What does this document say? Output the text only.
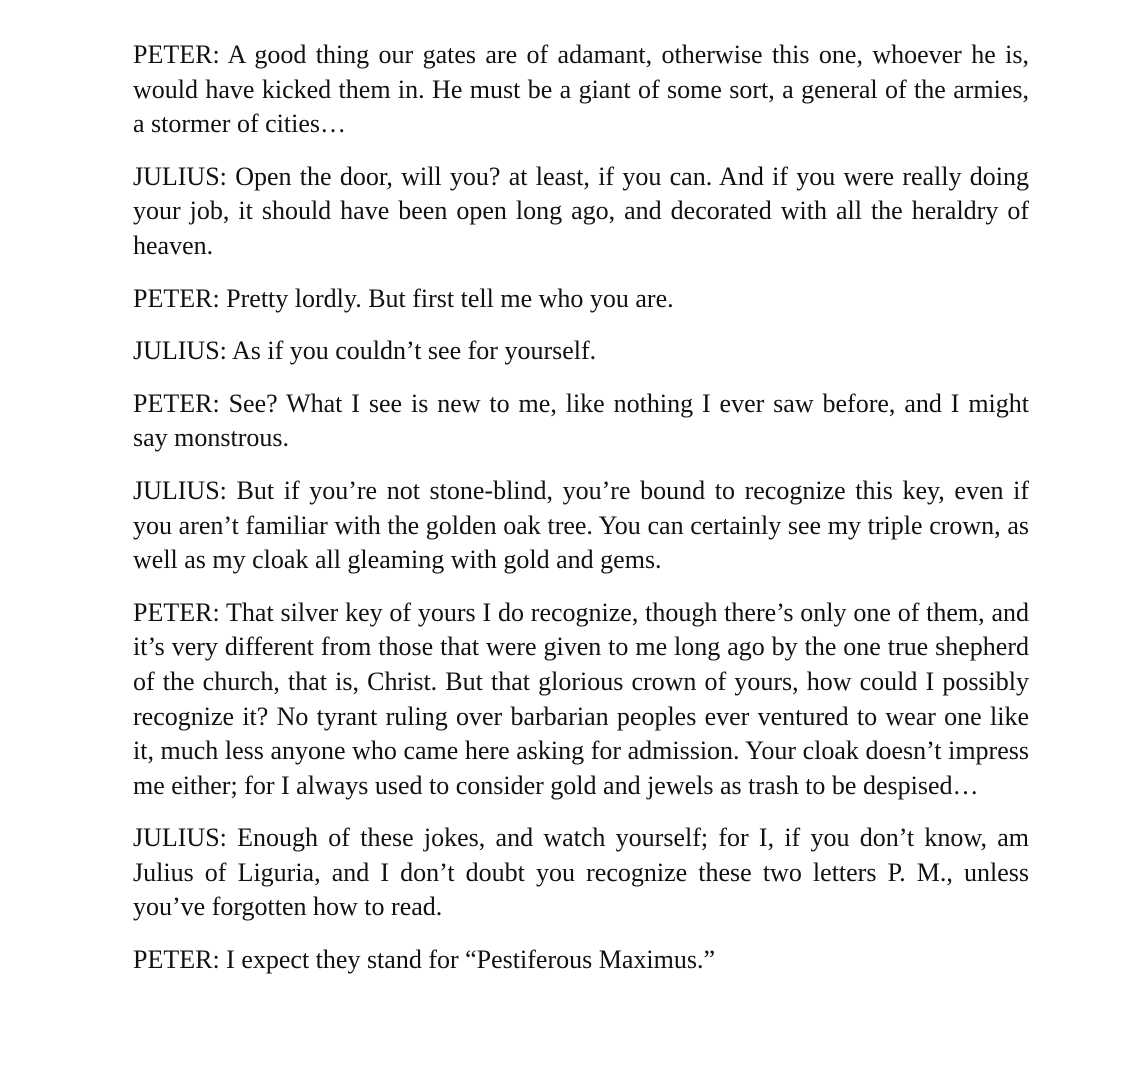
PETER: A good thing our gates are of adamant, otherwise this one, whoever he is, would have kicked them in. He must be a giant of some sort, a general of the armies, a stormer of cities…

JULIUS: Open the door, will you? at least, if you can. And if you were really doing your job, it should have been open long ago, and decorated with all the heraldry of heaven.

PETER: Pretty lordly. But first tell me who you are.

JULIUS: As if you couldn’t see for yourself.

PETER: See? What I see is new to me, like nothing I ever saw before, and I might say monstrous.

JULIUS: But if you’re not stone-blind, you’re bound to recognize this key, even if you aren’t familiar with the golden oak tree. You can certainly see my triple crown, as well as my cloak all gleaming with gold and gems.

PETER: That silver key of yours I do recognize, though there’s only one of them, and it’s very different from those that were given to me long ago by the one true shepherd of the church, that is, Christ. But that glorious crown of yours, how could I possibly recognize it? No tyrant ruling over barbarian peoples ever ventured to wear one like it, much less anyone who came here asking for admission. Your cloak doesn’t impress me either; for I always used to consider gold and jewels as trash to be despised…

JULIUS: Enough of these jokes, and watch yourself; for I, if you don’t know, am Julius of Liguria, and I don’t doubt you recognize these two letters P. M., unless you’ve forgotten how to read.

PETER: I expect they stand for “Pestiferous Maximus.”
